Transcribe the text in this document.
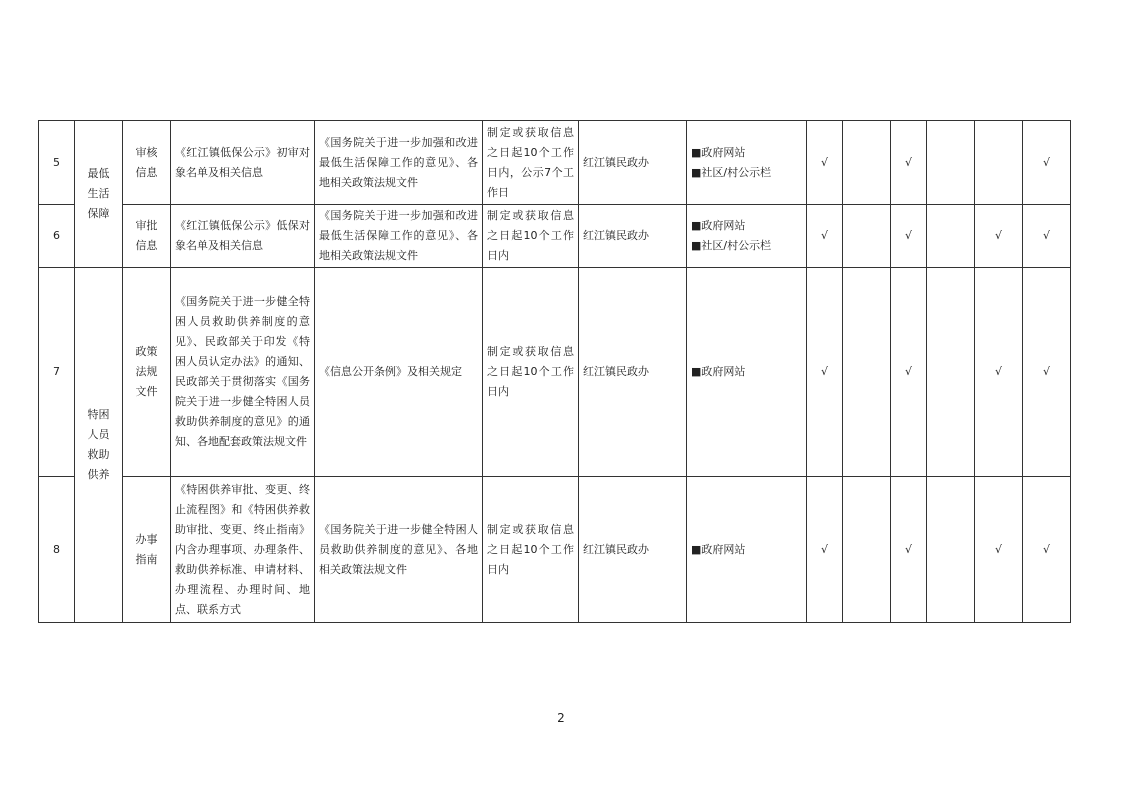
5	最低生活保障	审核信息	《红江镇低保公示》初审对象名单及相关信息	《国务院关于进一步加强和改进最低生活保障工作的意见》、各地相关政策法规文件	制定或获取信息之日起10个工作日内，公示7个工作日	红江镇民政办	■政府网站
■社区/村公示栏	√		√			√
6		审批信息	《红江镇低保公示》低保对象名单及相关信息	《国务院关于进一步加强和改进最低生活保障工作的意见》、各地相关政策法规文件	制定或获取信息之日起10个工作日内	红江镇民政办	■政府网站
■社区/村公示栏	√		√		√	√
7	特困人员救助供养	政策法规文件	《国务院关于进一步健全特困人员救助供养制度的意见》、民政部关于印发《特困人员认定办法》的通知、民政部关于贯彻落实《国务院关于进一步健全特困人员救助供养制度的意见》的通知、各地配套政策法规文件	《信息公开条例》及相关规定	制定或获取信息之日起10个工作日内	红江镇民政办	■政府网站	√		√		√	√
8		办事指南	《特困供养审批、变更、终止流程图》和《特困供养救助审批、变更、终止指南》内含办理事项、办理条件、救助供养标准、申请材料、办理流程、办理时间、地点、联系方式	《国务院关于进一步健全特困人员救助供养制度的意见》、各地相关政策法规文件	制定或获取信息之日起10个工作日内	红江镇民政办	■政府网站	√		√		√	√
2
